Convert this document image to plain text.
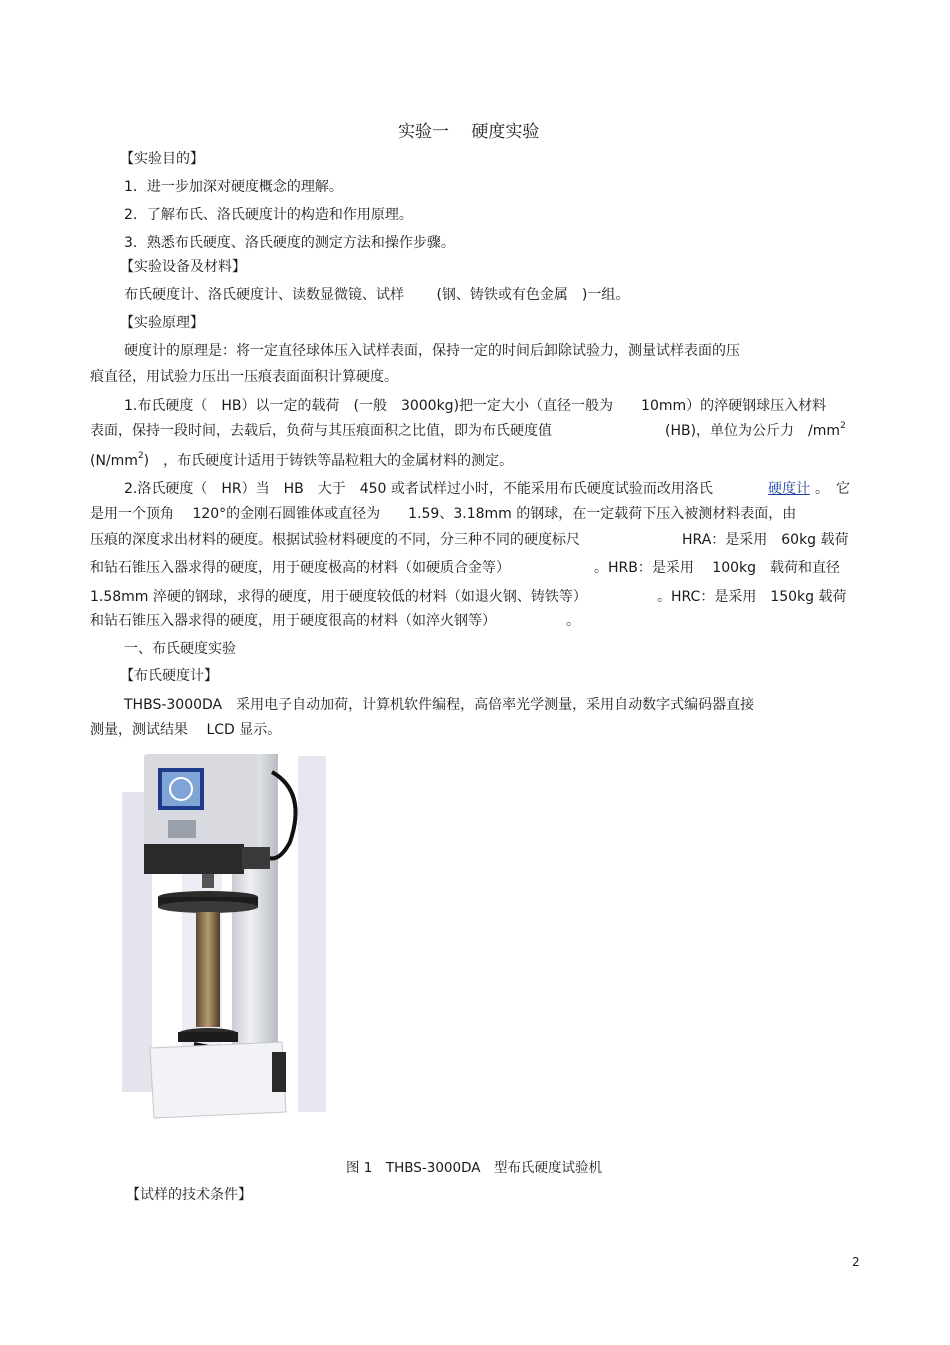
实验一　 硬度实验
【实验目的】
1．进一步加深对硬度概念的理解。
2．了解布氏、洛氏硬度计的构造和作用原理。
3．熟悉布氏硬度、洛氏硬度的测定方法和操作步骤。
【实验设备及材料】
布氏硬度计、洛氏硬度计、读数显微镜、试样　　 (钢、铸铁或有色金属　)一组。
【实验原理】
硬度计的原理是：将一定直径球体压入试样表面，保持一定的时间后卸除试验力，测量试样表面的压
痕直径，用试验力压出一压痕表面面积计算硬度。
1.布氏硬度（　HB）以一定的载荷　(一般　3000kg)把一定大小（直径一般为　　10mm）的淬硬钢球压入材料
表面，保持一段时间，去载后，负荷与其压痕面积之比值，即为布氏硬度值	(HB)，单位为公斤力　$/mm^2$
$(N/mm^2)$　，布氏硬度计适用于铸铁等晶粒粗大的金属材料的测定。
2.洛氏硬度（　HR）当　HB　大于　450 或者试样过小时，不能采用布氏硬度试验而改用洛氏	硬度计 。　它
是用一个顶角　 120°的金刚石圆锥体或直径为　　1.59、3.18mm 的钢球，在一定载荷下压入被测材料表面，由
压痕的深度求出材料的硬度。根据试验材料硬度的不同，分三种不同的硬度标尺	HRA：是采用　60kg 载荷
和钻石锥压入器求得的硬度，用于硬度极高的材料（如硬质合金等）	。HRB：是采用　 100kg　载荷和直径
1.58mm 淬硬的钢球，求得的硬度，用于硬度较低的材料（如退火钢、铸铁等）	。HRC：是采用　150kg 载荷
和钻石锥压入器求得的硬度，用于硬度很高的材料（如淬火钢等）	。
一、布氏硬度实验
【布氏硬度计】
THBS-3000DA　采用电子自动加荷，计算机软件编程，高倍率光学测量，采用自动数字式编码器直接
测量，测试结果　 LCD 显示。
图 1　THBS-3000DA　型布氏硬度试验机
【试样的技术条件】
2
